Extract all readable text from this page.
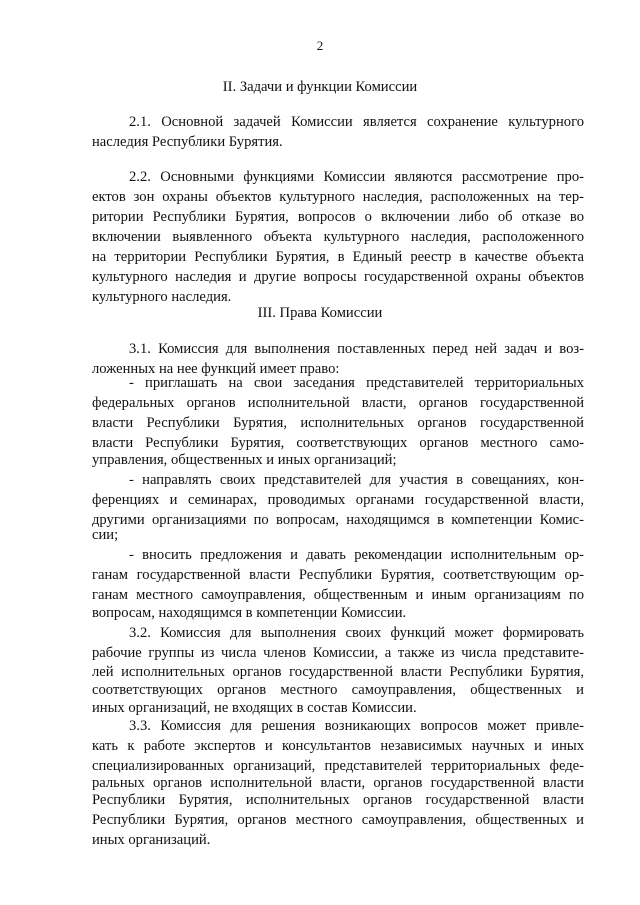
2
II. Задачи и функции Комиссии
2.1. Основной задачей Комиссии является сохранение культурного
наследия Республики Бурятия.
2.2. Основными функциями Комиссии являются рассмотрение про-
ектов зон охраны объектов культурного наследия, расположенных на тер-
ритории Республики Бурятия, вопросов о включении либо об отказе во
включении выявленного объекта культурного наследия, расположенного
на территории Республики Бурятия, в Единый реестр в качестве объекта
культурного наследия и другие вопросы государственной охраны объектов
культурного наследия.
III. Права Комиссии
3.1. Комиссия для выполнения поставленных перед ней задач и воз-
ложенных на нее функций имеет право:
- приглашать на свои заседания представителей территориальных
федеральных органов исполнительной власти, органов государственной
власти Республики Бурятия, исполнительных органов государственной
власти Республики Бурятия, соответствующих органов местного само-
управления, общественных и иных организаций;
- направлять своих представителей для участия в совещаниях, кон-
ференциях и семинарах, проводимых органами государственной власти,
другими организациями по вопросам, находящимся в компетенции Комис-
сии;
- вносить предложения и давать рекомендации исполнительным ор-
ганам государственной власти Республики Бурятия, соответствующим ор-
ганам местного самоуправления, общественным и иным организациям по
вопросам, находящимся в компетенции Комиссии.
3.2. Комиссия для выполнения своих функций может формировать
рабочие группы из числа членов Комиссии, а также из числа представите-
лей исполнительных органов государственной власти Республики Бурятия,
соответствующих органов местного самоуправления, общественных и
иных организаций, не входящих в состав Комиссии.
3.3. Комиссия для решения возникающих вопросов может привле-
кать к работе экспертов и консультантов независимых научных и иных
специализированных организаций, представителей территориальных феде-
ральных органов исполнительной власти, органов государственной власти
Республики Бурятия, исполнительных органов государственной власти
Республики Бурятия, органов местного самоуправления, общественных и
иных организаций.
